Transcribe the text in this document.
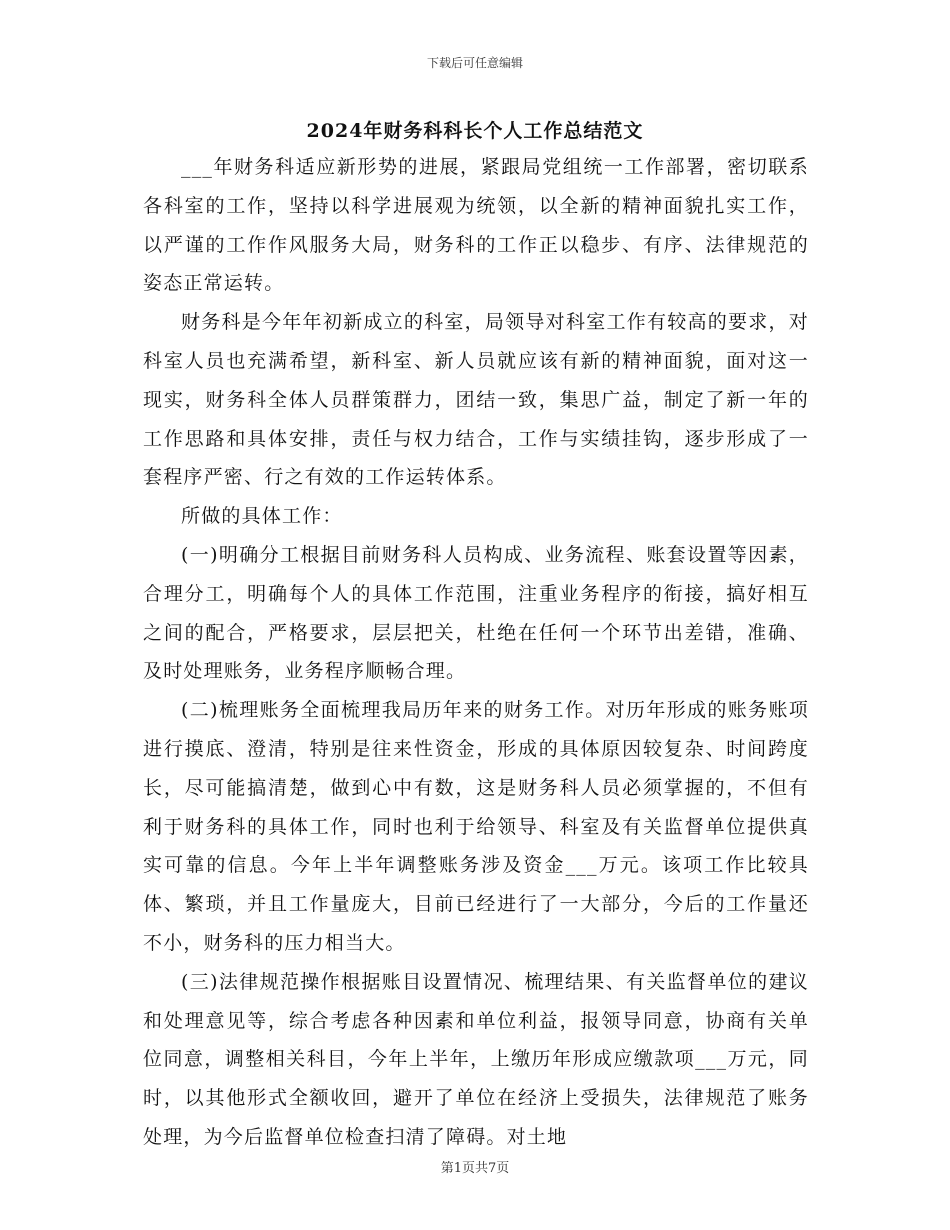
下载后可任意编辑
2024年财务科科长个人工作总结范文

___年财务科适应新形势的进展，紧跟局党组统一工作部署，密切联系各科室的工作，坚持以科学进展观为统领，以全新的精神面貌扎实工作，以严谨的工作作风服务大局，财务科的工作正以稳步、有序、法律规范的姿态正常运转。

财务科是今年年初新成立的科室，局领导对科室工作有较高的要求，对科室人员也充满希望，新科室、新人员就应该有新的精神面貌，面对这一现实，财务科全体人员群策群力，团结一致，集思广益，制定了新一年的工作思路和具体安排，责任与权力结合，工作与实绩挂钩，逐步形成了一套程序严密、行之有效的工作运转体系。

所做的具体工作：

(一)明确分工根据目前财务科人员构成、业务流程、账套设置等因素，合理分工，明确每个人的具体工作范围，注重业务程序的衔接，搞好相互之间的配合，严格要求，层层把关，杜绝在任何一个环节出差错，准确、及时处理账务，业务程序顺畅合理。

(二)梳理账务全面梳理我局历年来的财务工作。对历年形成的账务账项进行摸底、澄清，特别是往来性资金，形成的具体原因较复杂、时间跨度长，尽可能搞清楚，做到心中有数，这是财务科人员必须掌握的，不但有利于财务科的具体工作，同时也利于给领导、科室及有关监督单位提供真实可靠的信息。今年上半年调整账务涉及资金___万元。该项工作比较具体、繁琐，并且工作量庞大，目前已经进行了一大部分，今后的工作量还不小，财务科的压力相当大。

(三)法律规范操作根据账目设置情况、梳理结果、有关监督单位的建议和处理意见等，综合考虑各种因素和单位利益，报领导同意，协商有关单位同意，调整相关科目，今年上半年，上缴历年形成应缴款项___万元，同时，以其他形式全额收回，避开了单位在经济上受损失，法律规范了账务处理，为今后监督单位检查扫清了障碍。对土地

第1页共7页
